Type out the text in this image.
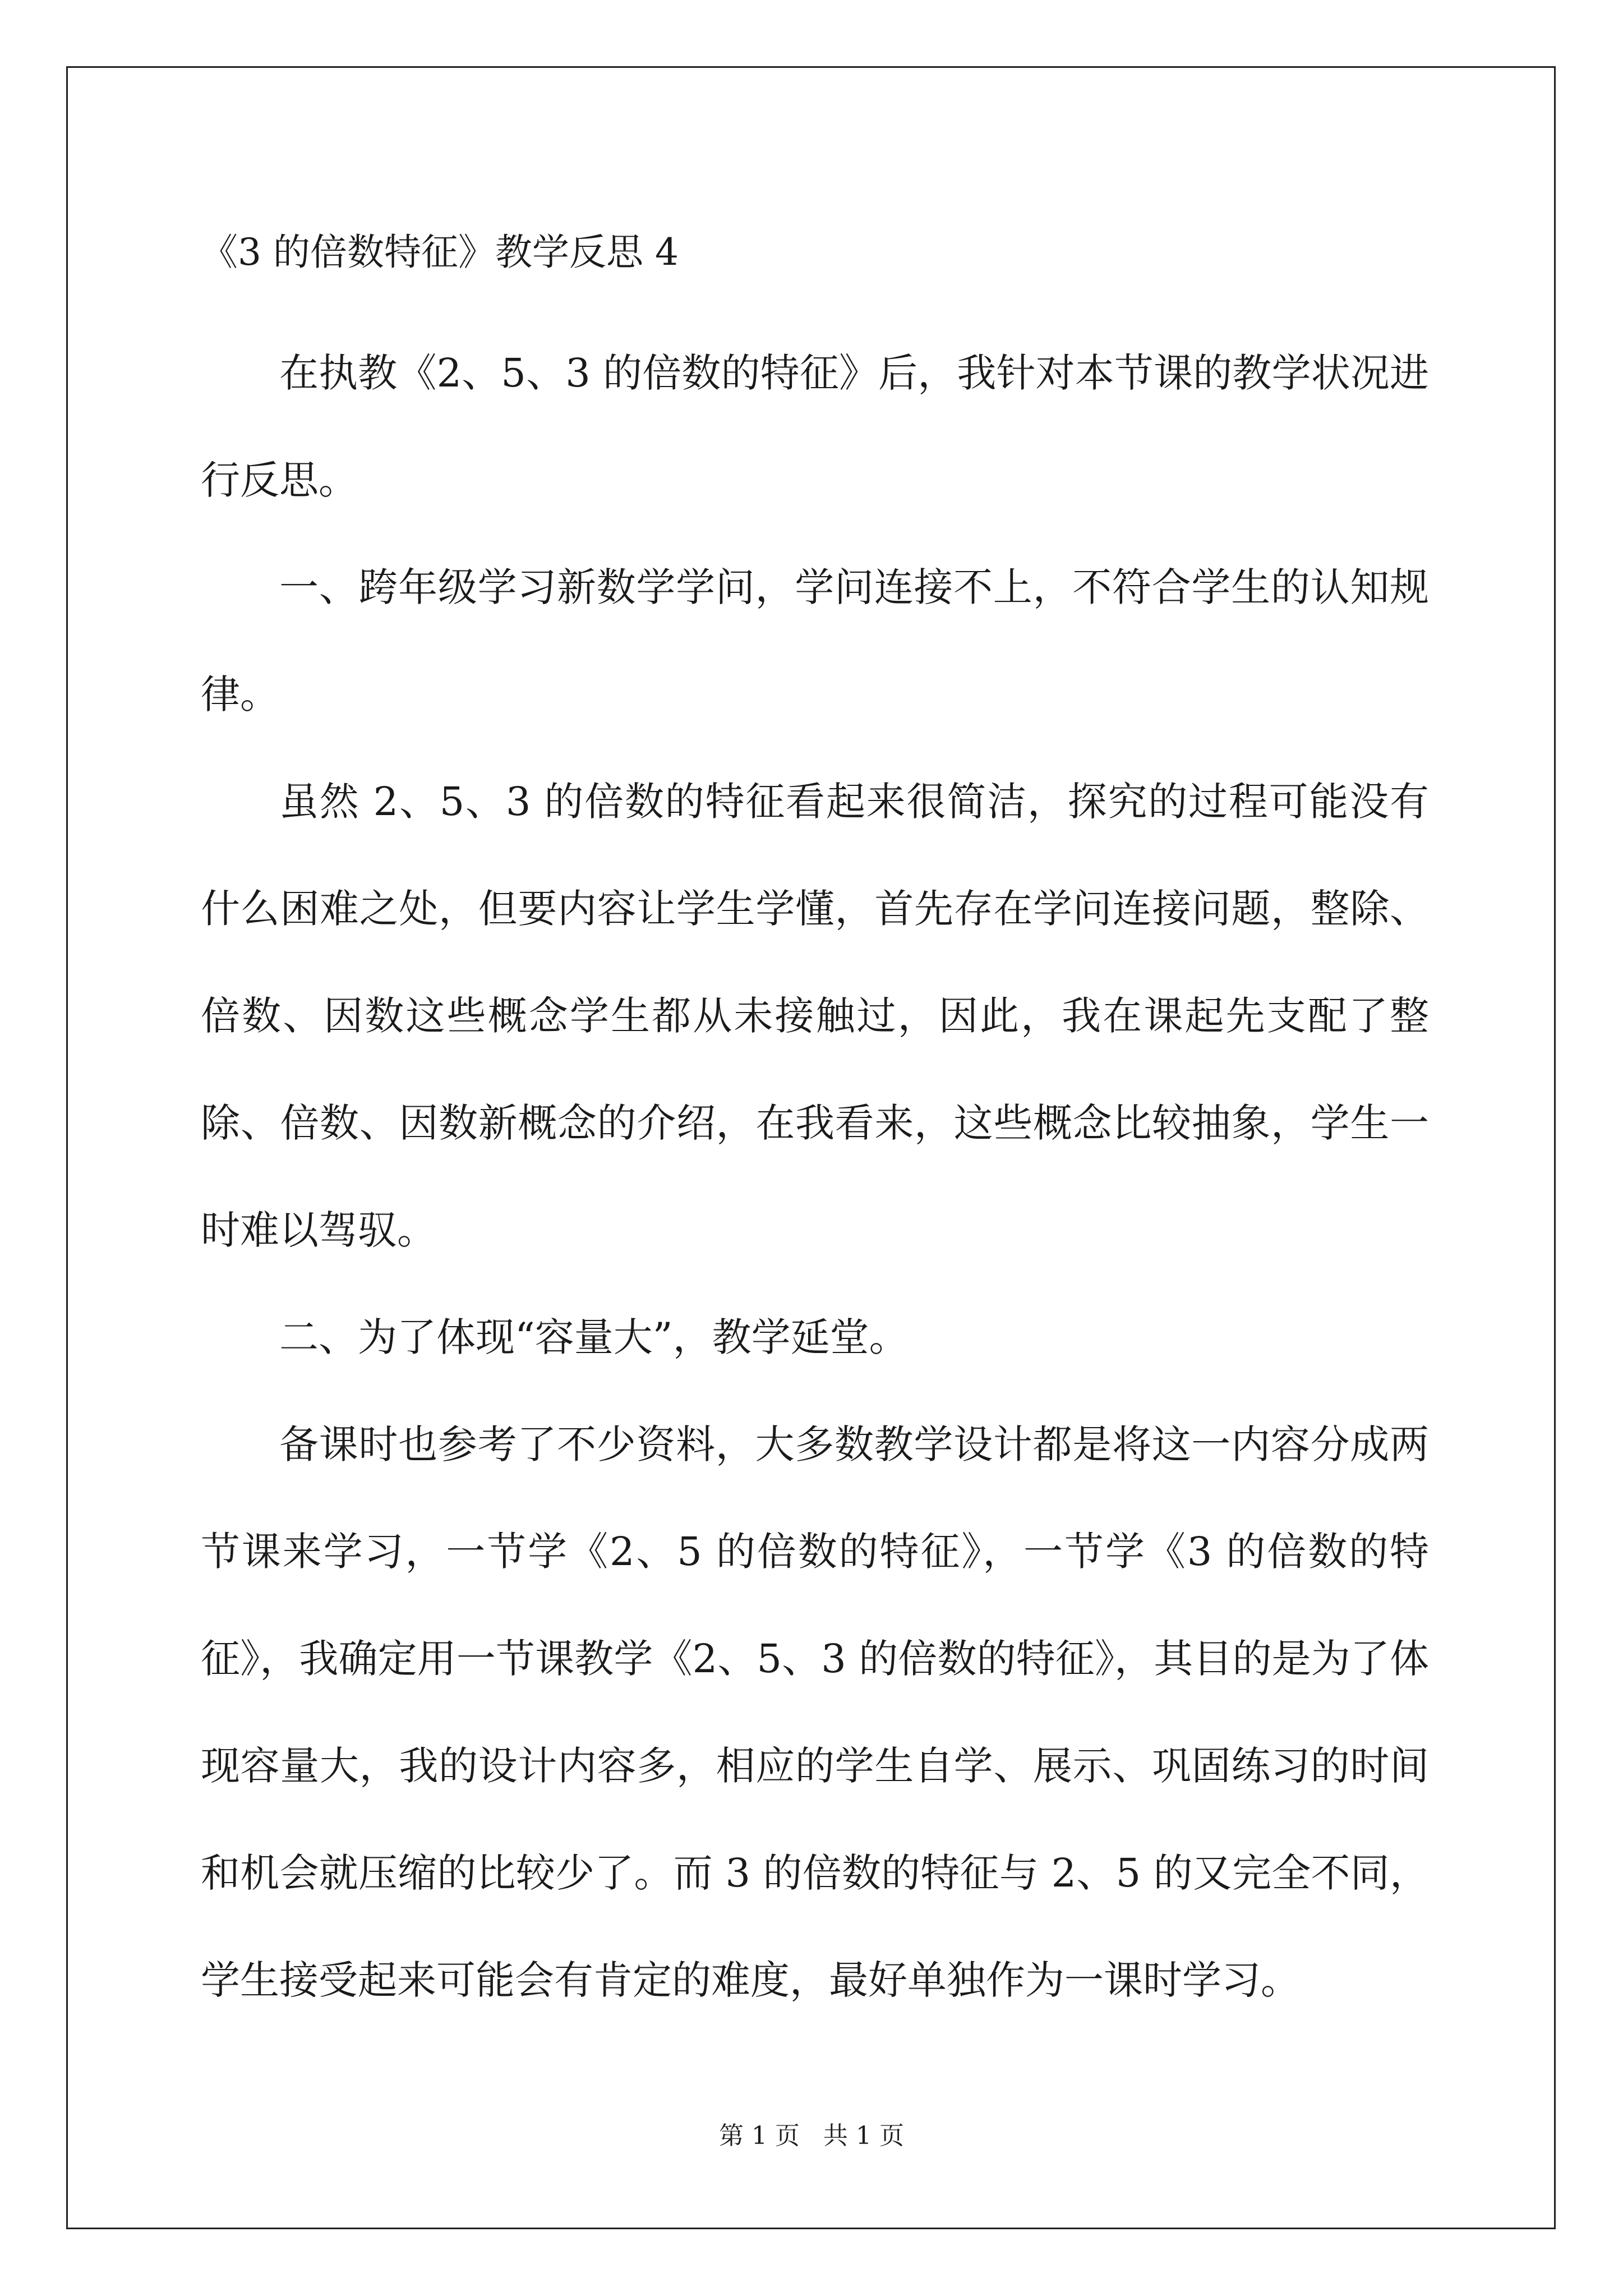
《3 的倍数特征》教学反思 4

在执教《2、5、3 的倍数的特征》后，我针对本节课的教学状况进行反思。

一、跨年级学习新数学学问，学问连接不上，不符合学生的认知规律。

虽然 2、5、3 的倍数的特征看起来很简洁，探究的过程可能没有什么困难之处，但要内容让学生学懂，首先存在学问连接问题，整除、倍数、因数这些概念学生都从未接触过，因此，我在课起先支配了整除、倍数、因数新概念的介绍，在我看来，这些概念比较抽象，学生一时难以驾驭。

二、为了体现“容量大”，教学延堂。

备课时也参考了不少资料，大多数教学设计都是将这一内容分成两节课来学习，一节学《2、5 的倍数的特征》，一节学《3 的倍数的特征》，我确定用一节课教学《2、5、3 的倍数的特征》，其目的是为了体现容量大，我的设计内容多，相应的学生自学、展示、巩固练习的时间和机会就压缩的比较少了。而 3 的倍数的特征与 2、5 的又完全不同，学生接受起来可能会有肯定的难度，最好单独作为一课时学习。

第 1 页   共 1 页
